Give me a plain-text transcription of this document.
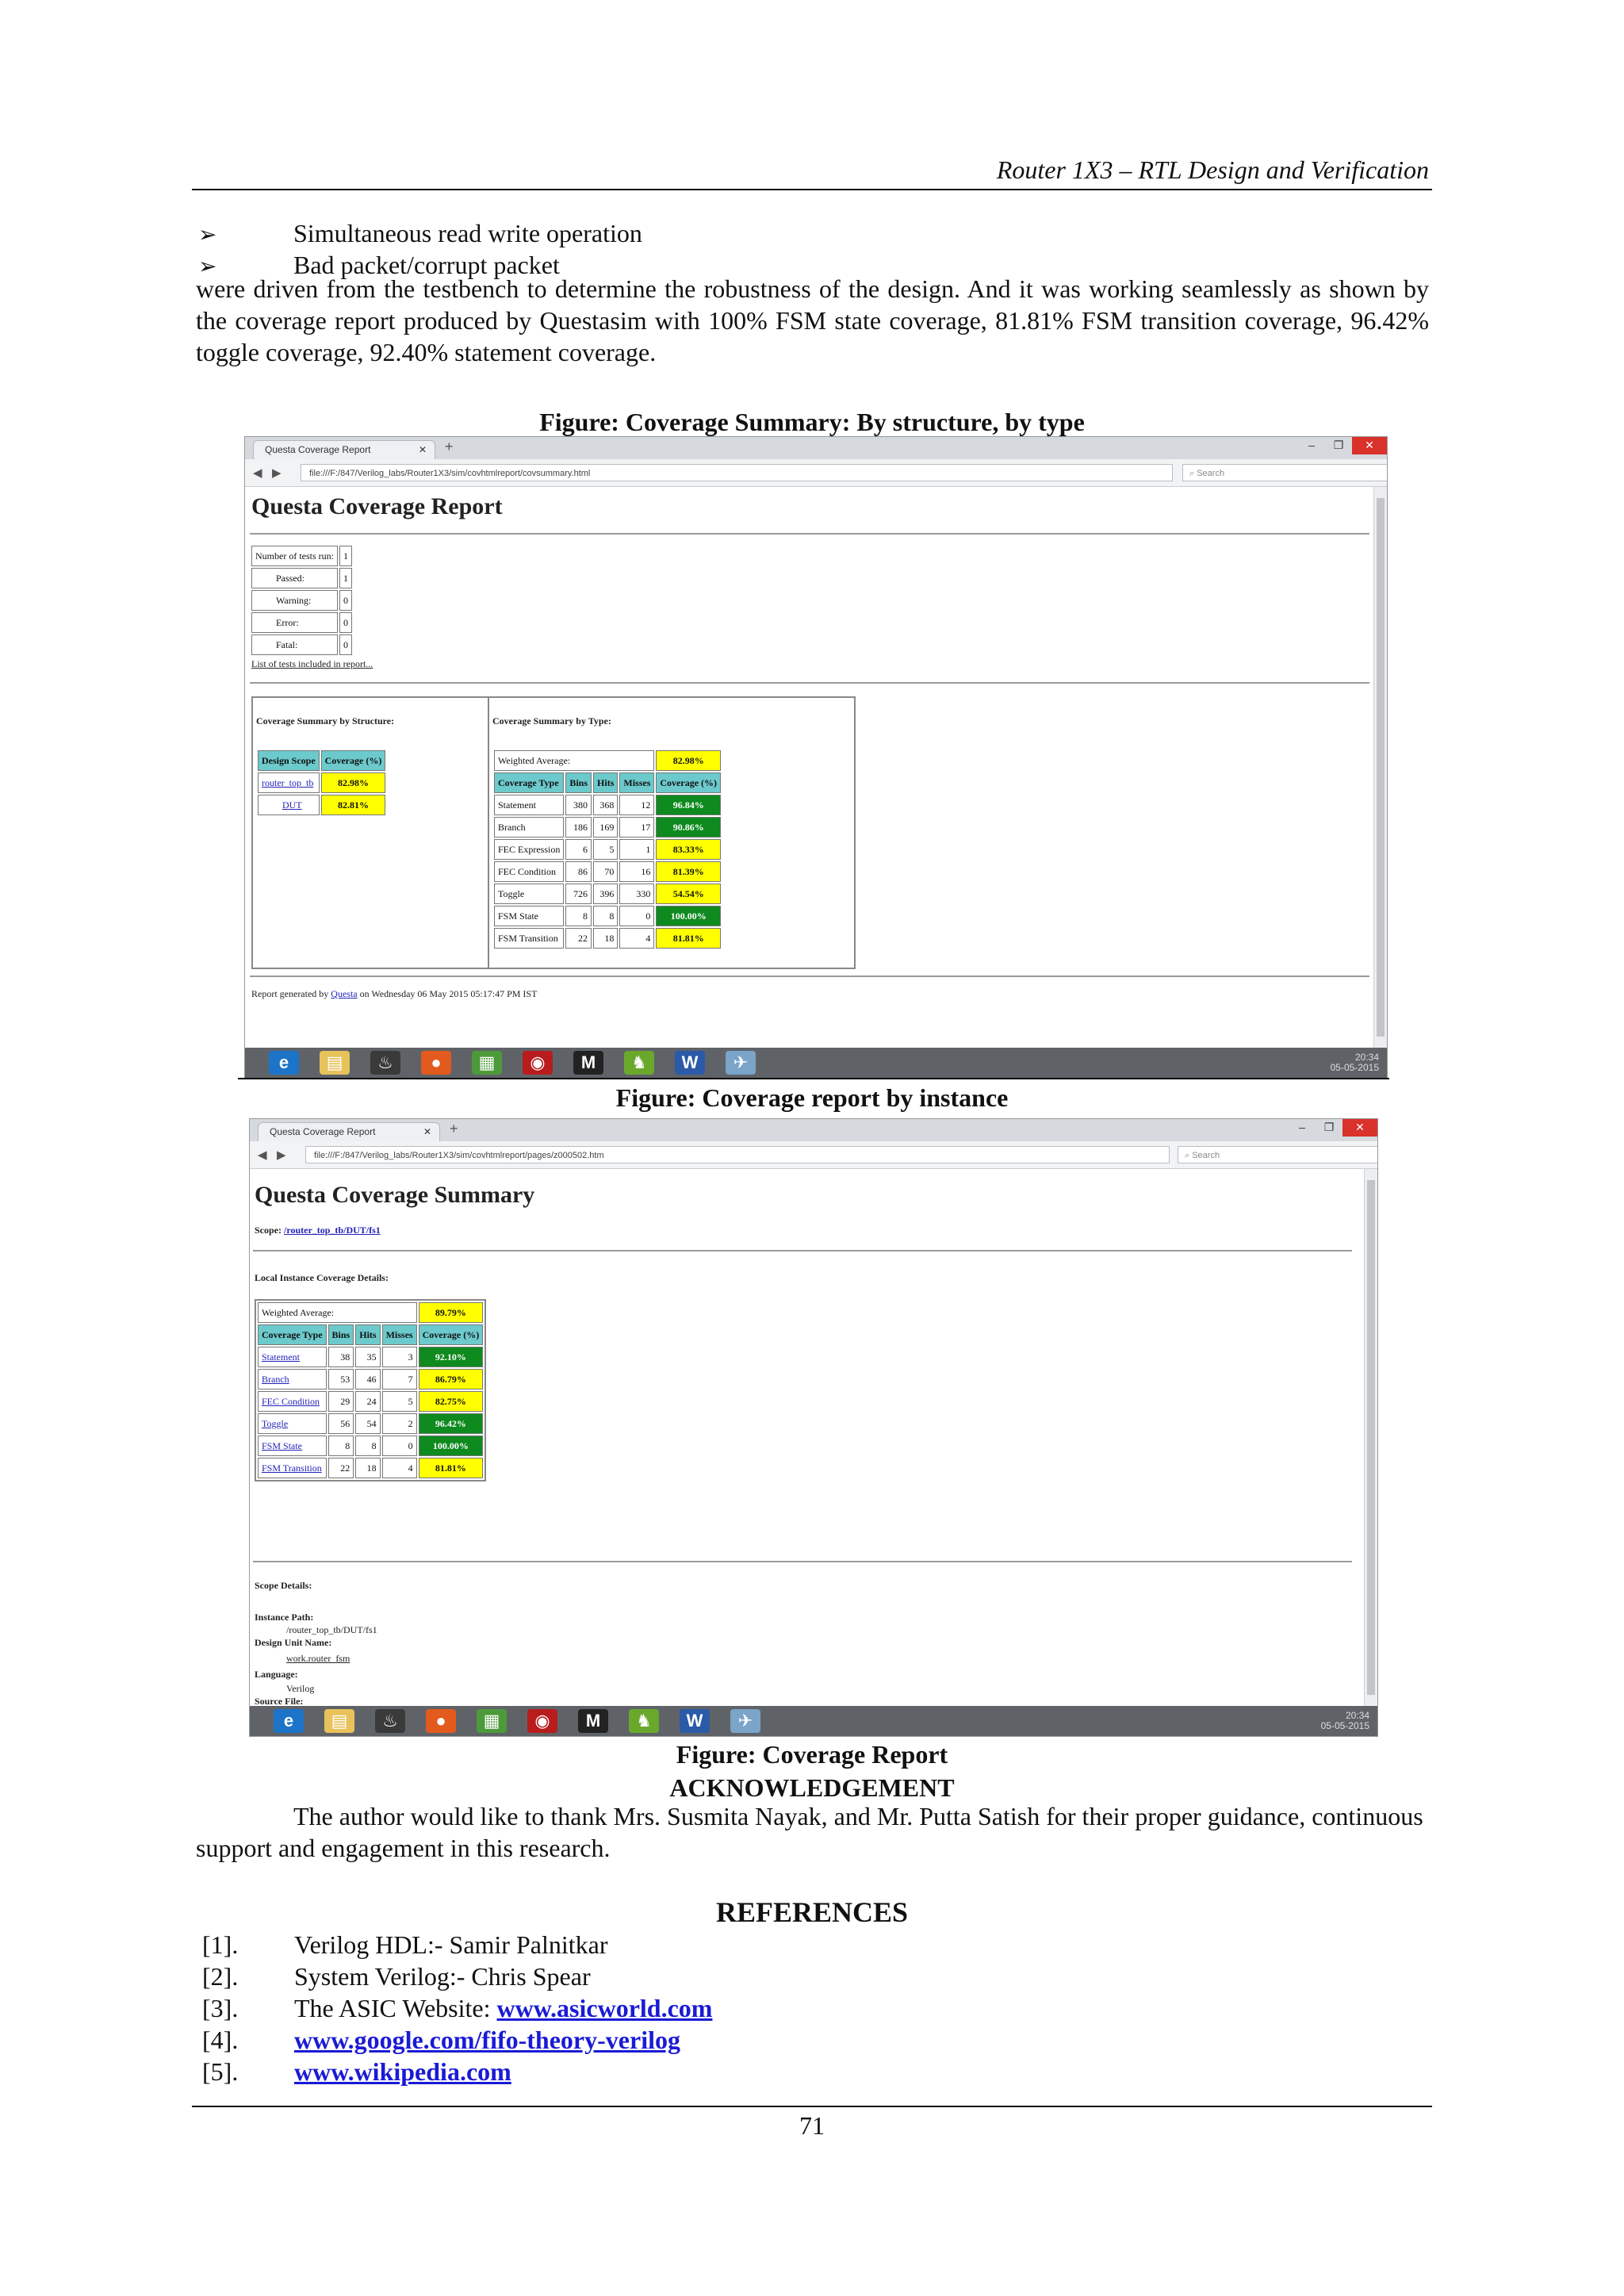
Router 1X3 – RTL Design and Verification
➢	Simultaneous read write operation
➢	Bad packet/corrupt packet
were driven from the testbench to determine the robustness of the design. And it was working seamlessly as shown by the coverage report produced by Questasim with 100% FSM state coverage, 81.81% FSM transition coverage, 96.42% toggle coverage, 92.40% statement coverage.
Figure: Coverage Summary: By structure, by type
Questa Coverage Report	✕ +	–	❐	✕
◀ ▶	file:///F:/847/Verilog_labs/Router1X3/sim/covhtmlreport/covsummary.html	⌕ Search
Questa Coverage Report
Number of tests run:	1
Passed:	1
Warning:	0
Error:	0
Fatal:	0
List of tests included in report...
Coverage Summary by Structure:
Design Scope	Coverage (%)
router_top_tb	82.98%
DUT	82.81%
Coverage Summary by Type:
Weighted Average:				82.98%
Coverage Type	Bins	Hits	Misses	Coverage (%)
Statement	380	368	12	96.84%
Branch	186	169	17	90.86%
FEC Expression	6	5	1	83.33%
FEC Condition	86	70	16	81.39%
Toggle	726	396	330	54.54%
FSM State	8	8	0	100.00%
FSM Transition	22	18	4	81.81%
Report generated by Questa on Wednesday 06 May 2015 05:17:47 PM IST
e	▤	♨	●	▦	◉	M	♞	W	✈	20:34
05-05-2015
Figure: Coverage report by instance
Questa Coverage Report	✕ +	–	❐	✕
◀ ▶	file:///F:/847/Verilog_labs/Router1X3/sim/covhtmlreport/pages/z000502.htm	⌕ Search
Questa Coverage Summary
Scope: /router_top_tb/DUT/fs1
Local Instance Coverage Details:
Weighted Average:				89.79%
Coverage Type	Bins	Hits	Misses	Coverage (%)
Statement	38	35	3	92.10%
Branch	53	46	7	86.79%
FEC Condition	29	24	5	82.75%
Toggle	56	54	2	96.42%
FSM State	8	8	0	100.00%
FSM Transition	22	18	4	81.81%
Scope Details:
Instance Path:
/router_top_tb/DUT/fs1
Design Unit Name:
work.router_fsm
Language:
Verilog
Source File:
e	▤	♨	●	▦	◉	M	♞	W	✈	20:34
05-05-2015
Figure: Coverage Report
ACKNOWLEDGEMENT
The author would like to thank Mrs. Susmita Nayak, and Mr. Putta Satish for their proper guidance, continuous support and engagement in this research.
REFERENCES
[1]. Verilog HDL:- Samir Palnitkar
[2]. System Verilog:- Chris Spear
[3]. The ASIC Website: www.asicworld.com
[4]. www.google.com/fifo-theory-verilog
[5]. www.wikipedia.com
71
